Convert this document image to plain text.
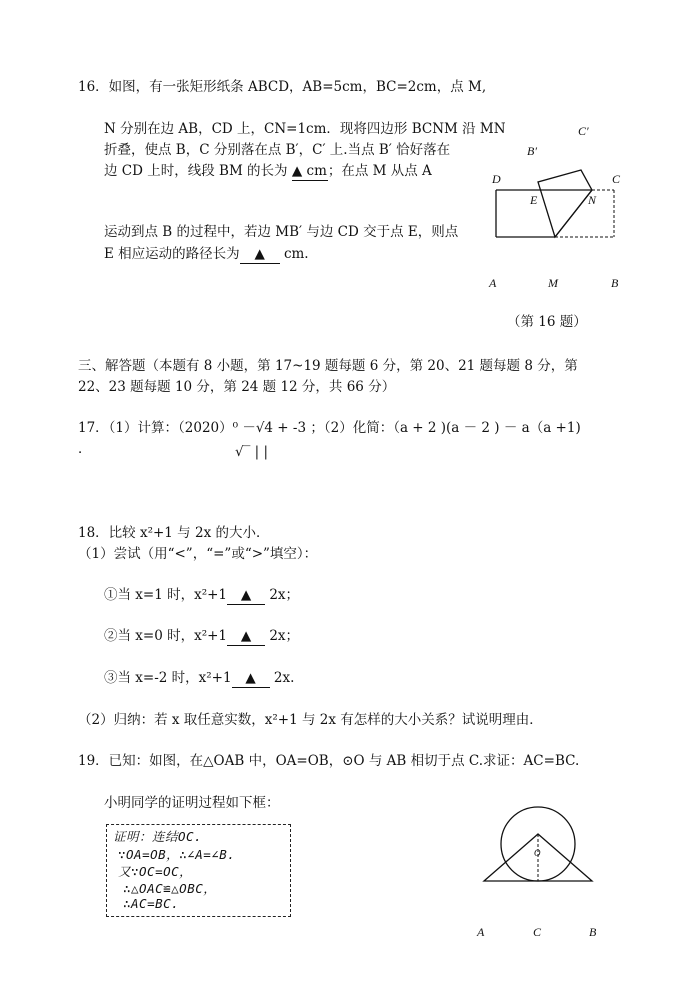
16．如图，有一张矩形纸条 ABCD，AB=5cm，BC=2cm，点 M,
N 分别在边 AB，CD 上，CN=1cm．现将四边形 BCNM 沿 MN
折叠，使点 B，C 分别落在点 B′，C′ 上.当点 B′ 恰好落在
边 CD 上时，线段 BM 的长为 ▲ cm；在点 M 从点 A
运动到点 B 的过程中，若边 MB′ 与边 CD 交于点 E，则点
E 相应运动的路径长为 ▲ cm.
C′
B′
D	C
E	N
A	M	B
（第 16 题）
三、解答题（本题有 8 小题，第 17~19 题每题 6 分，第 20、21 题每题 8 分，第
22、23 题每题 10 分，第 24 题 12 分，共 66 分）
17．（1）计算：（2020）⁰ －√4 + -3 ；（2）化简：（a + 2 )(a － 2 ) － a（a +1)
．	√‾ | |
18．比较 x²+1 与 2x 的大小．
（1）尝试（用“<”，“=”或“>”填空）：
①当 x=1 时，x²+1 ▲ 2x；
②当 x=0 时，x²+1 ▲ 2x；
③当 x=-2 时，x²+1 ▲ 2x.
（2）归纳：若 x 取任意实数，x²+1 与 2x 有怎样的大小关系？试说明理由．
19．已知：如图，在△OAB 中，OA=OB，⊙O 与 AB 相切于点 C.求证：AC=BC.
小明同学的证明过程如下框：
证明：连结OC.
∵OA=OB，∴∠A=∠B.
又∵OC=OC，
∴△OAC≌△OBC，
∴AC=BC.
O
A	C	B
